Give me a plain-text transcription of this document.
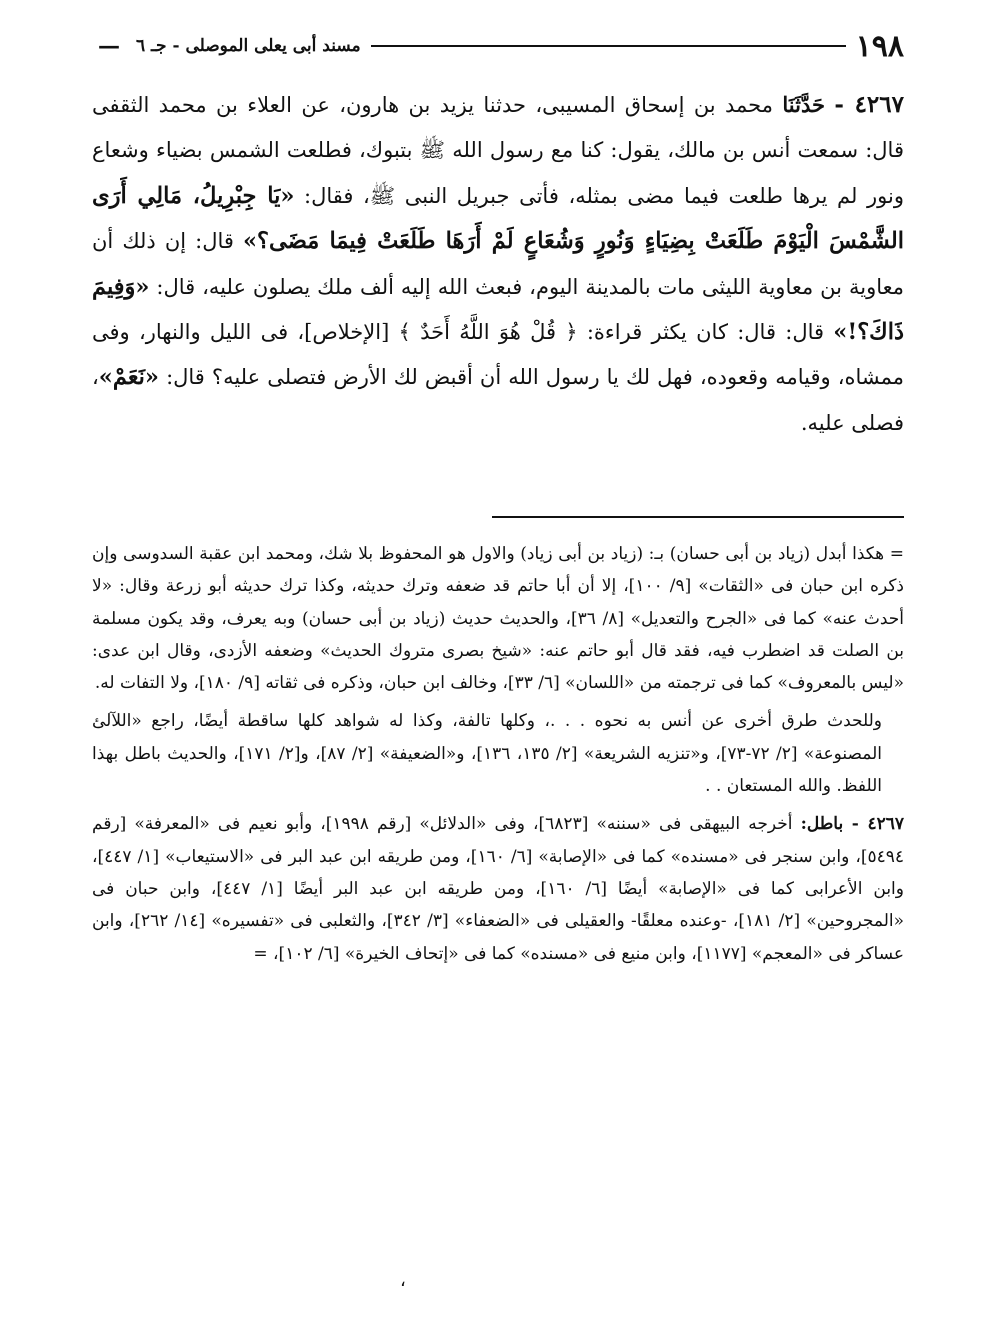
١٩٨
مسند أبى يعلى الموصلى - جـ ٦
—

٤٢٦٧ - حَدَّثَنَا محمد بن إسحاق المسيبى، حدثنا يزيد بن هارون، عن العلاء بن محمد الثقفى قال: سمعت أنس بن مالك، يقول: كنا مع رسول الله ﷺ بتبوك، فطلعت الشمس بضياء وشعاع ونور لم يرها طلعت فيما مضى بمثله، فأتى جبريل النبى ﷺ، فقال: «يَا جِبْرِيلُ، مَالِي أَرَى الشَّمْسَ الْيَوْمَ طَلَعَتْ بِضِيَاءٍ وَنُورٍ وَشُعَاعٍ لَمْ أَرَهَا طَلَعَتْ فِيمَا مَضَى؟» قال: إن ذلك أن معاوية بن معاوية الليثى مات بالمدينة اليوم، فبعث الله إليه ألف ملك يصلون عليه، قال: «وَفِيمَ ذَاكَ؟!» قال: قال: كان يكثر قراءة: ﴿ قُلْ هُوَ اللَّهُ أَحَدٌ ﴾ [الإخلاص]، فى الليل والنهار، وفى ممشاه، وقيامه وقعوده، فهل لك يا رسول الله أن أقبض لك الأرض فتصلى عليه؟ قال: «نَعَمْ»، فصلى عليه.

= هكذا أبدل (زياد بن أبى حسان) بـ: (زياد بن أبى زياد) والاول هو المحفوظ بلا شك، ومحمد ابن عقبة السدوسى وإن ذكره ابن حبان فى «الثقات» [٩/ ١٠٠]، إلا أن أبا حاتم قد ضعفه وترك حديثه، وكذا ترك حديثه أبو زرعة وقال: «لا أحدث عنه» كما فى «الجرح والتعديل» [٨/ ٣٦]، والحديث حديث (زياد بن أبى حسان) وبه يعرف، وقد يكون مسلمة بن الصلت قد اضطرب فيه، فقد قال أبو حاتم عنه: «شيخ بصرى متروك الحديث» وضعفه الأزدى، وقال ابن عدى: «ليس بالمعروف» كما فى ترجمته من «اللسان» [٦/ ٣٣]، وخالف ابن حبان، وذكره فى ثقاته [٩/ ١٨٠]، ولا التفات له.

وللحدث طرق أخرى عن أنس به نحوه . . .، وكلها تالفة، وكذا له شواهد كلها ساقطة أيضًا، راجع «اللآلئ المصنوعة» [٢/ ٧٢-٧٣]، و«تنزيه الشريعة» [٢/ ١٣٥، ١٣٦]، و«الضعيفة» [٢/ ٨٧]، و[٢/ ١٧١]، والحديث باطل بهذا اللفظ. والله المستعان . .

٤٢٦٧ - باطل: أخرجه البيهقى فى «سننه» [٦٨٢٣]، وفى «الدلائل» [رقم ١٩٩٨]، وأبو نعيم فى «المعرفة» [رقم ٥٤٩٤]، وابن سنجر فى «مسنده» كما فى «الإصابة» [٦/ ١٦٠]، ومن طريقه ابن عبد البر فى «الاستيعاب» [١/ ٤٤٧]، وابن الأعرابى كما فى «الإصابة» أيضًا [٦/ ١٦٠]، ومن طريقه ابن عبد البر أيضًا [١/ ٤٤٧]، وابن حبان فى «المجروحين» [٢/ ١٨١]، -وعنده معلقًا- والعقيلى فى «الضعفاء» [٣/ ٣٤٢]، والثعلبى فى «تفسيره» [١٤/ ٢٦٢]، وابن عساكر فى «المعجم» [١١٧٧]، وابن منيع فى «مسنده» كما فى «إتحاف الخيرة» [٦/ ١٠٢]، =

،
